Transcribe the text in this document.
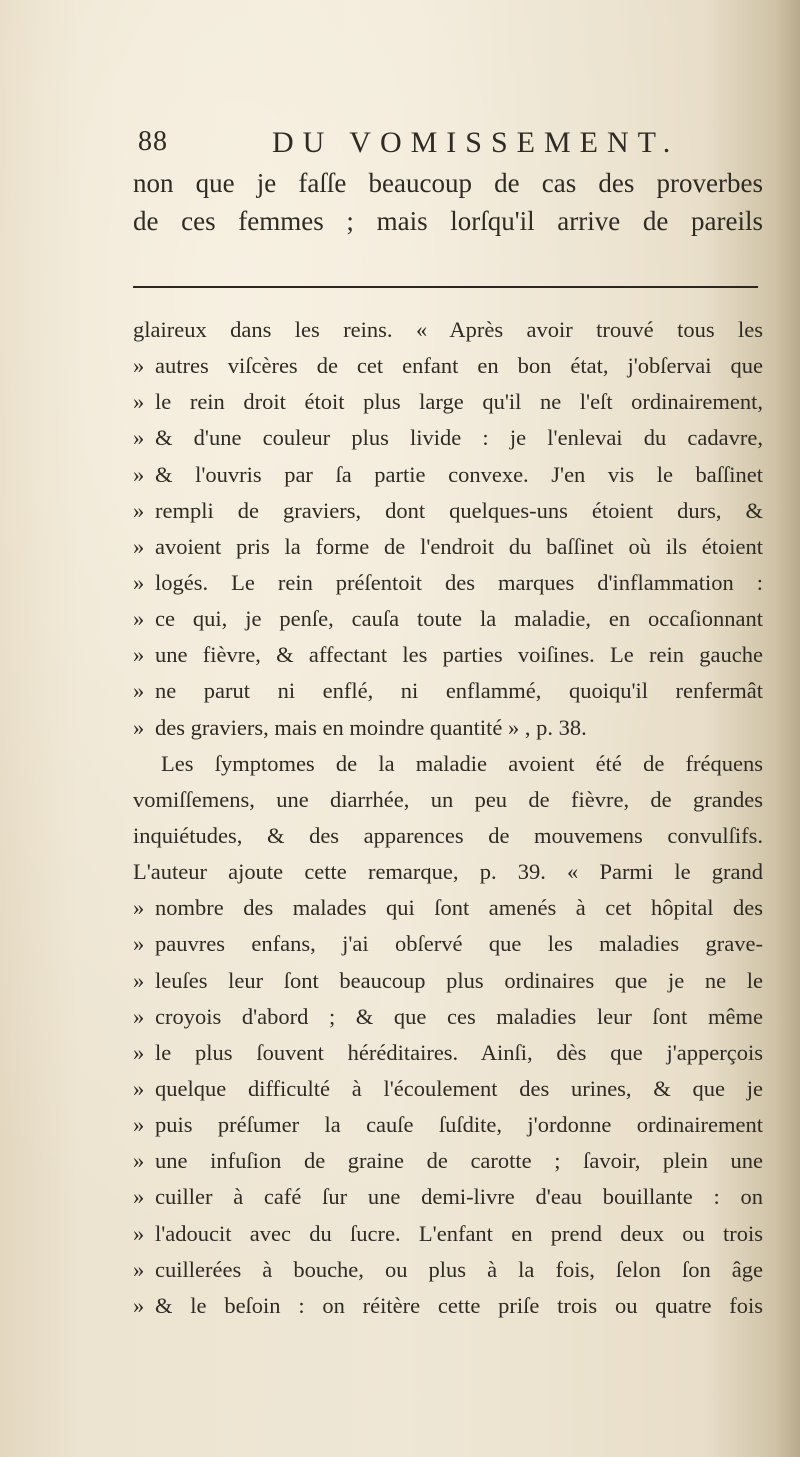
88	DU VOMISSEMENT.
non que je faſſe beaucoup de cas des proverbes
de ces femmes ; mais lorſqu'il arrive de pareils
glaireux dans les reins. « Après avoir trouvé tous les
» autres viſcères de cet enfant en bon état, j'obſervai que
» le rein droit étoit plus large qu'il ne l'eſt ordinairement,
» & d'une couleur plus livide : je l'enlevai du cadavre,
» & l'ouvris par ſa partie convexe. J'en vis le baſſinet
» rempli de graviers, dont quelques-uns étoient durs, &
» avoient pris la forme de l'endroit du baſſinet où ils étoient
» logés. Le rein préſentoit des marques d'inflammation :
» ce qui, je penſe, cauſa toute la maladie, en occaſionnant
» une fièvre, & affectant les parties voiſines. Le rein gauche
» ne parut ni enflé, ni enflammé, quoiqu'il renfermât
» des graviers, mais en moindre quantité » , p. 38.
Les ſymptomes de la maladie avoient été de fréquens
vomiſſemens, une diarrhée, un peu de fièvre, de grandes
inquiétudes, & des apparences de mouvemens convulſifs.
L'auteur ajoute cette remarque, p. 39. « Parmi le grand
» nombre des malades qui ſont amenés à cet hôpital des
» pauvres enfans, j'ai obſervé que les maladies grave-
» leuſes leur ſont beaucoup plus ordinaires que je ne le
» croyois d'abord ; & que ces maladies leur ſont même
» le plus ſouvent héréditaires. Ainſi, dès que j'apperçois
» quelque difficulté à l'écoulement des urines, & que je
» puis préſumer la cauſe ſuſdite, j'ordonne ordinairement
» une infuſion de graine de carotte ; ſavoir, plein une
» cuiller à café ſur une demi-livre d'eau bouillante : on
» l'adoucit avec du ſucre. L'enfant en prend deux ou trois
» cuillerées à bouche, ou plus à la fois, ſelon ſon âge
» & le beſoin : on réitère cette priſe trois ou quatre fois
